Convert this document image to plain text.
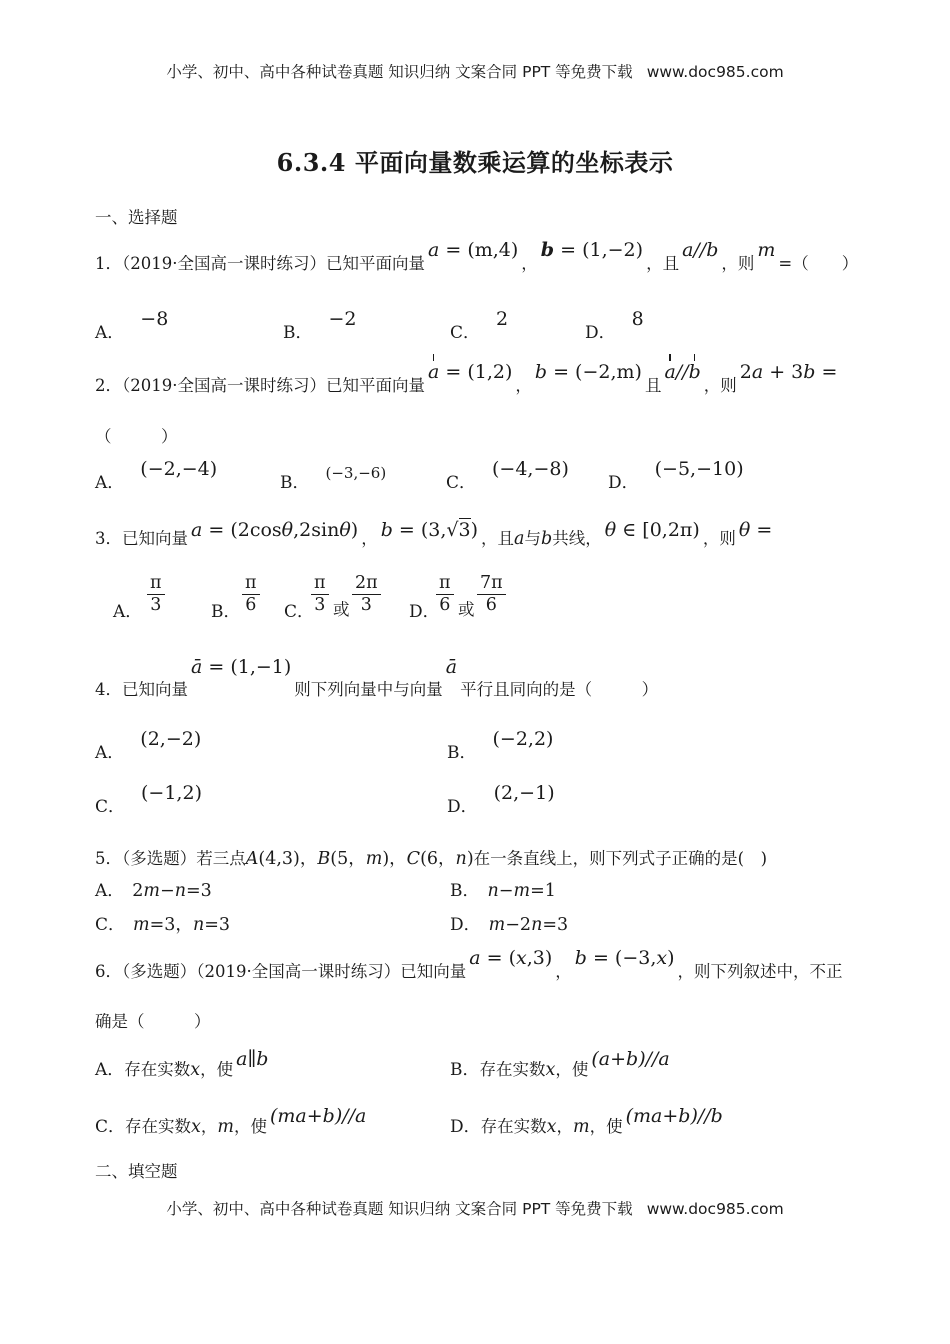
小学、初中、高中各种试卷真题 知识归纳 文案合同 PPT 等免费下载 www.doc985.com
6.3.4 平面向量数乘运算的坐标表示
一、选择题
1．（2019·全国高一课时练习）已知平面向量a = (m,4)，b = (1,−2)，且a//b，则m=（　　）
A．−8
B．−2
C．2
D．8
2．（2019·全国高一课时练习）已知平面向量
a = (1,2)，b = (−2,m)且
a//
b，则2a + 3b =
（　　　）
A．(−2,−4)
B． (−3,−6)	C．(−4,−8)
D．(−5,−10)
3．已知向量 a = (2cosθ,2sinθ) ， b = (3,√3) ，且a与b共线， θ ∈ [0,2π) ，则 θ =
A． $\frac{\pi}{3}$	B． $\frac{\pi}{6}$ C．
$\frac{\pi}{3}$ 或 $\frac{2\pi}{3}$ D．
$\frac{\pi}{6}$ 或 $\frac{7\pi}{6}$
4．已知向量ā = (1,−1)则下列向量中与向量ā平行且同向的是（　　　）
A．(2,−2)
B．(−2,2)
C．(−1,2)
D．(2,−1)
5．（多选题）若三点A(4,3)，B(5，m)，C(6，n)在一条直线上，则下列式子正确的是(　)
A． 2m−n=3	B． n−m=1
C． m=3，n=3	D． m−2n=3
6．（多选题）（2019·全国高一课时练习）已知向量a = (x,3)，b = (−3,x)，则下列叙述中，不正
确是（　　　）
A．存在实数x，使 a∥b	B．存在实数x，使 (a+b)//a
C．存在实数x，m，使 (ma+b)//a	D．存在实数x，m，使 (ma+b)//b
二、填空题
小学、初中、高中各种试卷真题 知识归纳 文案合同 PPT 等免费下载 www.doc985.com
